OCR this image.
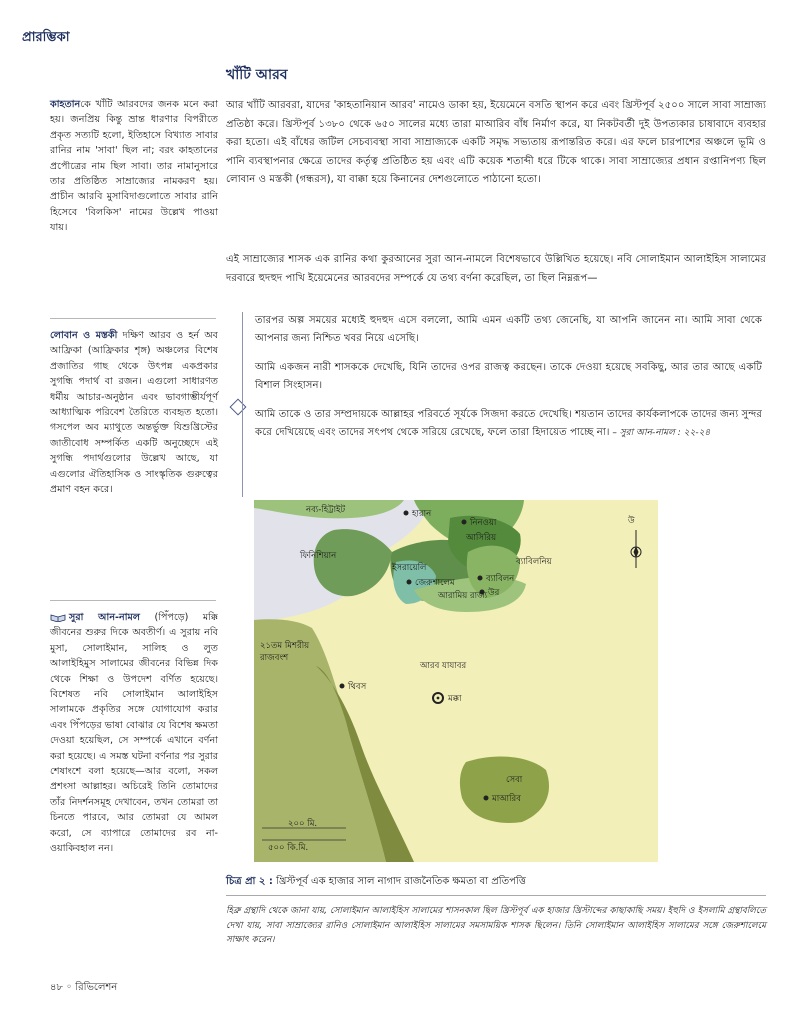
প্রারম্ভিকা
খাঁটি আরব
কাহতানকে খাঁটি আরবদের জনক মনে করা হয়। জনপ্রিয় কিন্তু ভ্রান্ত ধারণার বিপরীতে প্রকৃত সত্যটি হলো, ইতিহাসে বিখ্যাত সাবার রানির নাম 'সাবা' ছিল না; বরং কাহতানের প্রপৌত্রের নাম ছিল সাবা। তার নামানুসারে তার প্রতিষ্ঠিত সাম্রাজ্যের নামকরণ হয়। প্রাচীন আরবি মুসাবিদাগুলোতে সাবার রানি হিসেবে 'বিলকিস' নামের উল্লেখ পাওয়া যায়।
লোবান ও মস্তকী দক্ষিণ আরব ও হর্ন অব আফ্রিকা (আফ্রিকার শৃঙ্গ) অঞ্চলের বিশেষ প্রজাতির গাছ থেকে উৎপন্ন একপ্রকার সুগন্ধি পদার্থ বা রজন। এগুলো সাধারণত ধর্মীয় আচার-অনুষ্ঠান এবং ভাবগাম্ভীর্যপূর্ণ আধ্যাত্মিক পরিবেশ তৈরিতে ব্যবহৃত হতো। গসপেল অব ম্যাথুতে অন্তর্ভুক্ত যিশুখ্রিস্টের জাতীবোধ সম্পর্কিত একটি অনুচ্ছেদে এই সুগন্ধি পদার্থগুলোর উল্লেখ আছে, যা এগুলোর ঐতিহাসিক ও সাংস্কৃতিক গুরুত্বের প্রমাণ বহন করে।
সুরা আন-নামল (পিঁপড়ে) মক্কি জীবনের শুরুর দিকে অবতীর্ণ। এ সুরায় নবি মুসা, সোলাইমান, সালিহ ও লুত আলাইহিমুস সালামের জীবনের বিভিন্ন দিক থেকে শিক্ষা ও উপদেশ বর্ণিত হয়েছে। বিশেষত নবি সোলাইমান আলাইহিস সালামকে প্রকৃতির সঙ্গে যোগাযোগ করার এবং পিঁপড়ের ভাষা বোঝার যে বিশেষ ক্ষমতা দেওয়া হয়েছিল, সে সম্পর্কে এখানে বর্ণনা করা হয়েছে। এ সমস্ত ঘটনা বর্ণনার পর সুরার শেষাংশে বলা হয়েছে—আর বলো, সকল প্রশংসা আল্লাহর। অচিরেই তিনি তোমাদের তাঁর নিদর্শনসমূহ দেখাবেন, তখন তোমরা তা চিনতে পারবে, আর তোমরা যে আমল করো, সে ব্যাপারে তোমাদের রব না-ওয়াকিবহাল নন।
আর খাঁটি আরবরা, যাদের 'কাহতানিয়ান আরব' নামেও ডাকা হয়, ইয়েমেনে বসতি স্থাপন করে এবং খ্রিস্টপূর্ব ২৫০০ সালে সাবা সাম্রাজ্য প্রতিষ্ঠা করে। খ্রিস্টপূর্ব ১৩৮০ থেকে ৬৫০ সালের মধ্যে তারা মাআরিব বাঁধ নির্মাণ করে, যা নিকটবর্তী দুই উপত্যকার চাষাবাদে ব্যবহার করা হতো। এই বাঁধের জটিল সেচব্যবস্থা সাবা সাম্রাজ্যকে একটি সমৃদ্ধ সভ্যতায় রূপান্তরিত করে। এর ফলে চারপাশের অঞ্চলে ভূমি ও পানি ব্যবস্থাপনার ক্ষেত্রে তাদের কর্তৃত্ব প্রতিষ্ঠিত হয় এবং এটি কয়েক শতাব্দী ধরে টিকে থাকে। সাবা সাম্রাজ্যের প্রধান রপ্তানিপণ্য ছিল লোবান ও মস্তকী (গন্ধরস), যা বাক্কা হয়ে কিনানের দেশগুলোতে পাঠানো হতো।
এই সাম্রাজ্যের শাসক এক রানির কথা কুরআনের সুরা আন-নামলে বিশেষভাবে উল্লিখিত হয়েছে। নবি সোলাইমান আলাইহিস সালামের দরবারে হুদহুদ পাখি ইয়েমেনের আরবদের সম্পর্কে যে তথ্য বর্ণনা করেছিল, তা ছিল নিম্নরূপ—

তারপর অল্প সময়ের মধ্যেই হুদহুদ এসে বললো, আমি এমন একটি তথ্য জেনেছি, যা আপনি জানেন না। আমি সাবা থেকে আপনার জন্য নিশ্চিত খবর নিয়ে এসেছি।

আমি একজন নারী শাসককে দেখেছি, যিনি তাদের ওপর রাজত্ব করছেন। তাকে দেওয়া হয়েছে সবকিছু, আর তার আছে একটি বিশাল সিংহাসন।

আমি তাকে ও তার সম্প্রদায়কে আল্লাহর পরিবর্তে সূর্যকে সিজদা করতে দেখেছি। শয়তান তাদের কার্যকলাপকে তাদের জন্য সুন্দর করে দেখিয়েছে এবং তাদের সৎপথ থেকে সরিয়ে রেখেছে, ফলে তারা হিদায়েত পাচ্ছে না। – সুরা আন-নামল : ২২-২৪

নব্য-হিট্টাইট	হারান
নিনওয়া
আসিরিয়
ফিনিশিয়ান
ইসরায়েলি
জেরুশালেম
ব্যাবিলনিয়
ব্যাবিলন
উর
আরামিয় রাজ্য
২১তম মিশরীয়
রাজবংশ
থিবস
আরব যাযাবর
মক্কা
সেবা
মাআরিব
উ
২০০ মি.
৫০০ কি.মি.
চিত্র প্রা ২ : খ্রিস্টপূর্ব এক হাজার সাল নাগাদ রাজনৈতিক ক্ষমতা বা প্রতিপত্তি
হিব্রু গ্রন্থাদি থেকে জানা যায়, সোলাইমান আলাইহিস সালামের শাসনকাল ছিল খ্রিস্টপূর্ব এক হাজার খ্রিস্টাব্দের কাছাকাছি সময়। ইহুদি ও ইসলামি গ্রন্থাবলিতে দেখা যায়, সাবা সাম্রাজ্যের রানিও সোলাইমান আলাইহিস সালামের সমসাময়িক শাসক ছিলেন। তিনি সোলাইমান আলাইহিস সালামের সঙ্গে জেরুশালেমে সাক্ষাৎ করেন।
৪৮ ◦ রিভিলেশন
